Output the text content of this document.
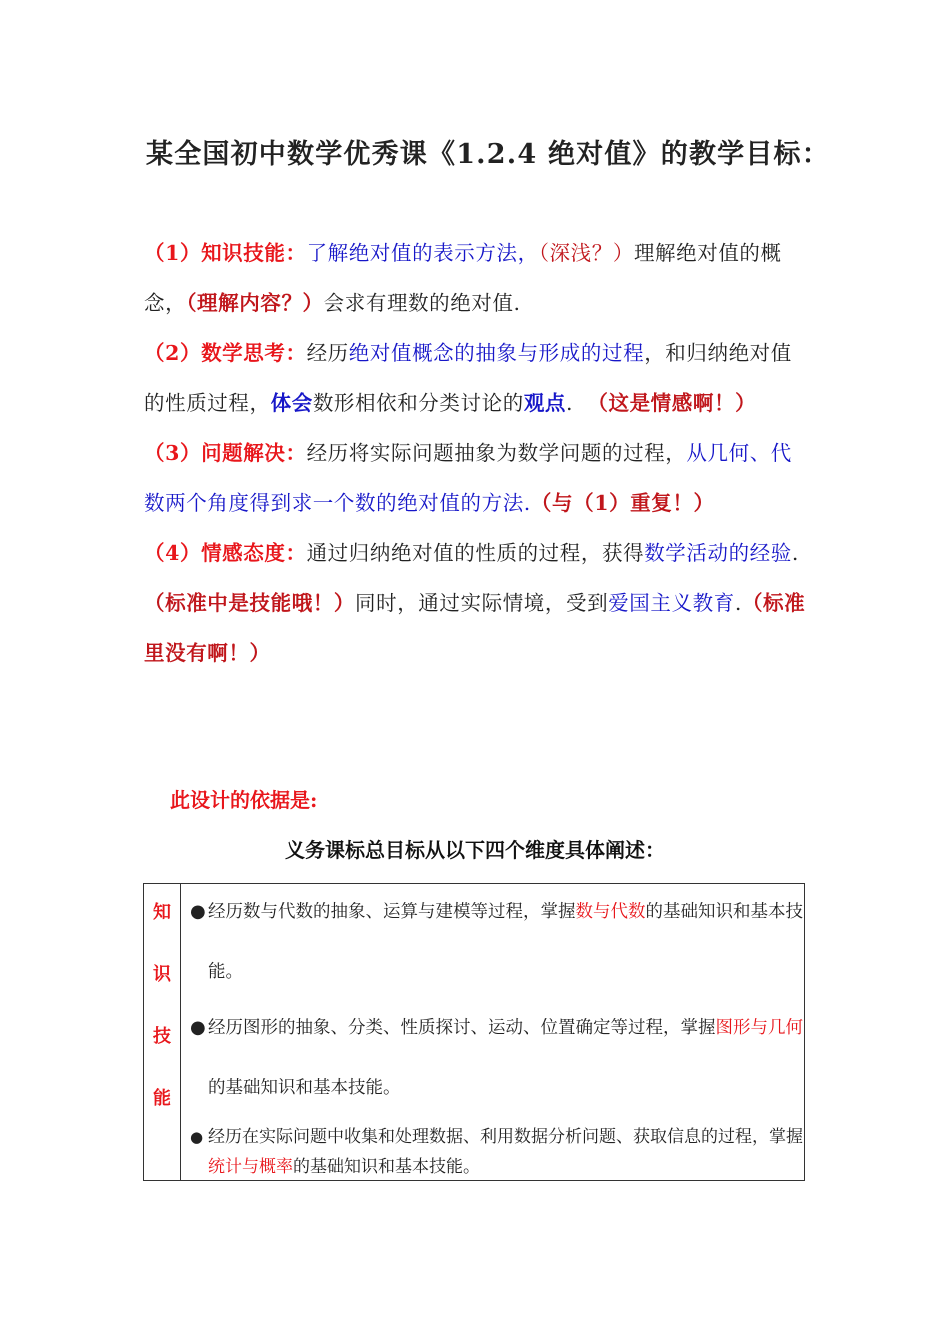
某全国初中数学优秀课《1.2.4 绝对值》的教学目标：

（1）知识技能：了解绝对值的表示方法，（深浅？）理解绝对值的概念，（理解内容？）会求有理数的绝对值.

（2）数学思考：经历绝对值概念的抽象与形成的过程，和归纳绝对值的性质过程，体会数形相依和分类讨论的观点.  （这是情感啊！）

（3）问题解决：经历将实际问题抽象为数学问题的过程，从几何、代数两个角度得到求一个数的绝对值的方法.（与（1）重复！）

（4）情感态度：通过归纳绝对值的性质的过程，获得数学活动的经验.（标准中是技能哦！）同时，通过实际情境，受到爱国主义教育.（标准里没有啊！）

此设计的依据是:
义务课标总目标从以下四个维度具体阐述：
知
识
技
能
● 经历数与代数的抽象、运算与建模等过程，掌握数与代数的基础知识和基本技能。
● 经历图形的抽象、分类、性质探讨、运动、位置确定等过程，掌握图形与几何的基础知识和基本技能。
● 经历在实际问题中收集和处理数据、利用数据分析问题、获取信息的过程，掌握统计与概率的基础知识和基本技能。
